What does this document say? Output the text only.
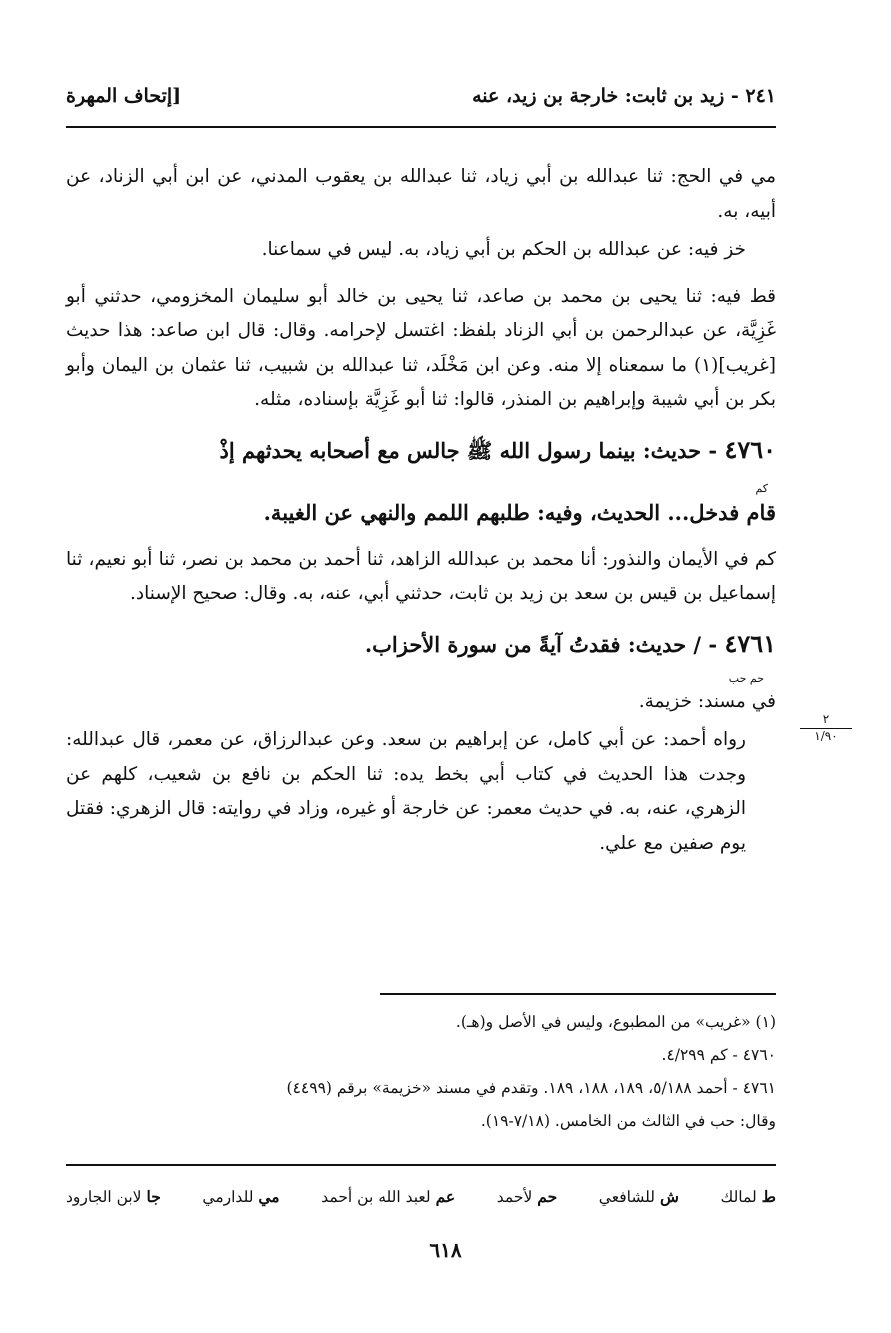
٢٤١ - زيد بن ثابت: خارجة بن زيد، عنه
[إتحاف المهرة

مي في الحج: ثنا عبدالله بن أبي زياد، ثنا عبدالله بن يعقوب المدني، عن ابن أبي الزناد، عن أبيه، به.

خز فيه: عن عبدالله بن الحكم بن أبي زياد، به. ليس في سماعنا.

قط فيه: ثنا يحيى بن محمد بن صاعد، ثنا يحيى بن خالد أبو سليمان المخزومي، حدثني أبو غَزِيَّة، عن عبدالرحمن بن أبي الزناد بلفظ: اغتسل لإحرامه. وقال: قال ابن صاعد: هذا حديث [غريب](١) ما سمعناه إلا منه. وعن ابن مَخْلَد، ثنا عبدالله بن شبيب، ثنا عثمان بن اليمان وأبو بكر بن أبي شيبة وإبراهيم بن المنذر، قالوا: ثنا أبو غَزِيَّة بإسناده، مثله.

٤٧٦٠ - حديث: بينما رسول الله ﷺ جالس مع أصحابه يحدثهم إذْ

كم

قام فدخل... الحديث، وفيه: طلبهم اللمم والنهي عن الغيبة.

كم في الأيمان والنذور: أنا محمد بن عبدالله الزاهد، ثنا أحمد بن محمد بن نصر، ثنا أبو نعيم، ثنا إسماعيل بن قيس بن سعد بن زيد بن ثابت، حدثني أبي، عنه، به. وقال: صحيح الإسناد.

٤٧٦١ - / حديث: فقدتُ آيةً من سورة الأحزاب.

حم حب

في مسند: خزيمة.

رواه أحمد: عن أبي كامل، عن إبراهيم بن سعد. وعن عبدالرزاق، عن معمر، قال عبدالله: وجدت هذا الحديث في كتاب أبي بخط يده: ثنا الحكم بن نافع بن شعيب، كلهم عن الزهري، عنه، به. في حديث معمر: عن خارجة أو غيره، وزاد في روايته: قال الزهري: فقتل يوم صفين مع علي.

٢
١/٩٠
(١) «غريب» من المطبوع، وليس في الأصل و(هـ).
٤٧٦٠ - كم ٤/٢٩٩.
٤٧٦١ - أحمد ٥/١٨٨، ١٨٩، ١٨٨، ١٨٩. وتقدم في مسند «خزيمة» برقم (٤٤٩٩)
وقال: حب في الثالث من الخامس. (٧/١٨-١٩).
ط لمالك
ش للشافعي
حم لأحمد
عم لعبد الله بن أحمد
مي للدارمي
جا لابن الجارود
٦١٨
